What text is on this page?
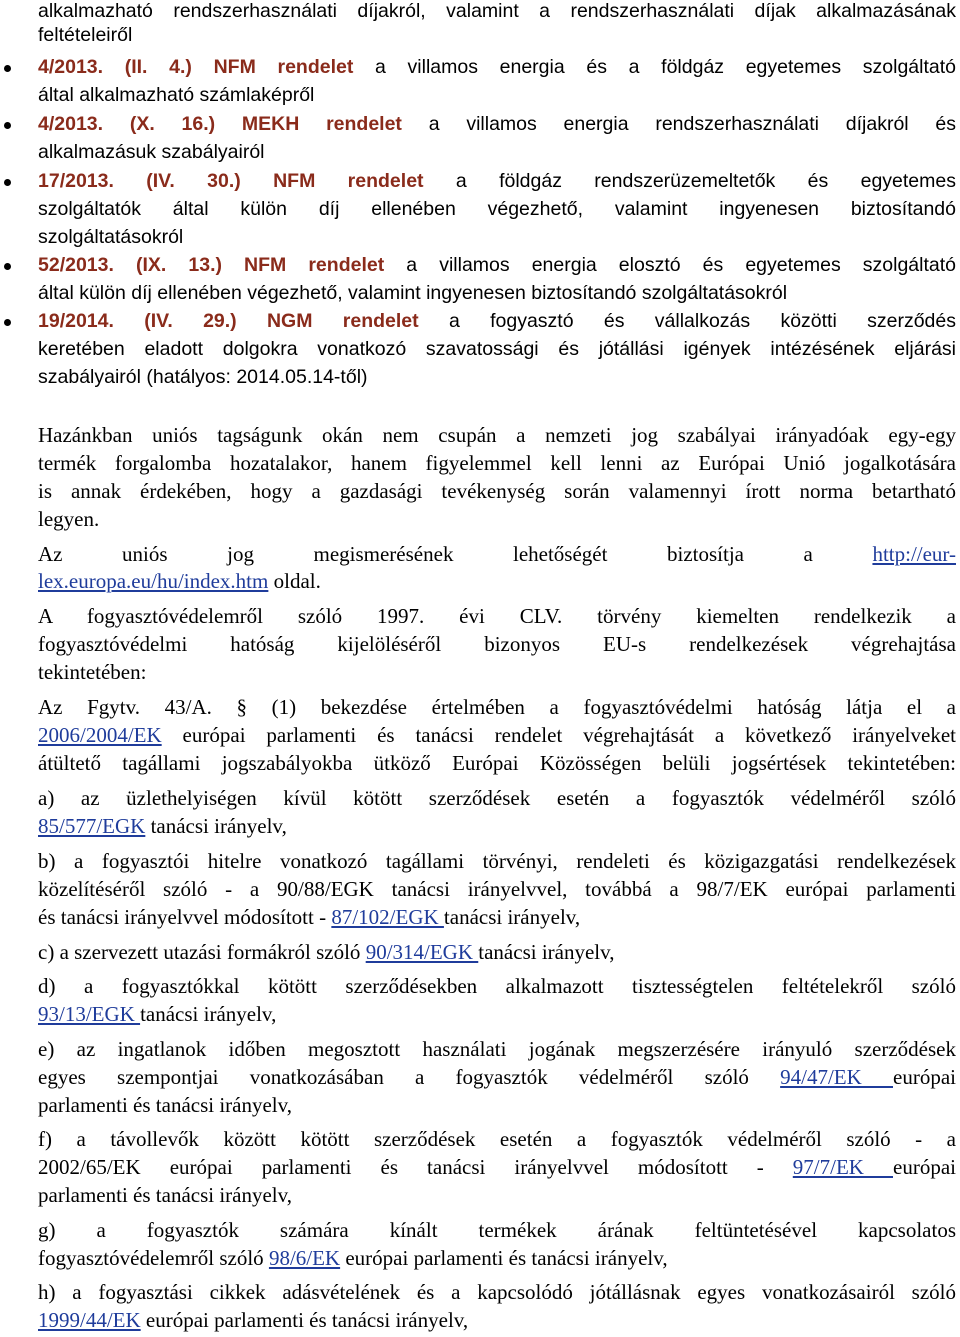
alkalmazható rendszerhasználati díjakról, valamint a rendszerhasználati díjak alkalmazásának
feltételeiről
4/2013. (II. 4.) NFM rendelet a villamos energia és a földgáz egyetemes szolgáltató
által alkalmazható számlaképről
4/2013. (X. 16.) MEKH rendelet a villamos energia rendszerhasználati díjakról és
alkalmazásuk szabályairól
17/2013. (IV. 30.) NFM rendelet a földgáz rendszerüzemeltetők és egyetemes
szolgáltatók által külön díj ellenében végezhető, valamint ingyenesen biztosítandó
szolgáltatásokról
52/2013. (IX. 13.) NFM rendelet a villamos energia elosztó és egyetemes szolgáltató
által külön díj ellenében végezhető, valamint ingyenesen biztosítandó szolgáltatásokról
19/2014. (IV. 29.) NGM rendelet a fogyasztó és vállalkozás közötti szerződés
keretében eladott dolgokra vonatkozó szavatossági és jótállási igények intézésének eljárási
szabályairól (hatályos: 2014.05.14-től)
Hazánkban uniós tagságunk okán nem csupán a nemzeti jog szabályai irányadóak egy-egy
termék forgalomba hozatalakor, hanem figyelemmel kell lenni az Európai Unió jogalkotására
is annak érdekében, hogy a gazdasági tevékenység során valamennyi írott norma betartható
legyen.
Az uniós jog megismerésének lehetőségét biztosítja a http://eur-
lex.europa.eu/hu/index.htm oldal.
A fogyasztóvédelemről szóló 1997. évi CLV. törvény kiemelten rendelkezik a
fogyasztóvédelmi hatóság kijelöléséről bizonyos EU-s rendelkezések végrehajtása
tekintetében:
Az Fgytv. 43/A. § (1) bekezdése értelmében a fogyasztóvédelmi hatóság látja el a
2006/2004/EK európai parlamenti és tanácsi rendelet végrehajtását a következő irányelveket
átültető tagállami jogszabályokba ütköző Európai Közösségen belüli jogsértések tekintetében:
a) az üzlethelyiségen kívül kötött szerződések esetén a fogyasztók védelméről szóló
85/577/EGK tanácsi irányelv,
b) a fogyasztói hitelre vonatkozó tagállami törvényi, rendeleti és közigazgatási rendelkezések
közelítéséről szóló - a 90/88/EGK tanácsi irányelvvel, továbbá a 98/7/EK európai parlamenti
és tanácsi irányelvvel módosított - 87/102/EGK tanácsi irányelv,
c) a szervezett utazási formákról szóló 90/314/EGK tanácsi irányelv,
d) a fogyasztókkal kötött szerződésekben alkalmazott tisztességtelen feltételekről szóló
93/13/EGK tanácsi irányelv,
e) az ingatlanok időben megosztott használati jogának megszerzésére irányuló szerződések
egyes szempontjai vonatkozásában a fogyasztók védelméről szóló 94/47/EK európai
parlamenti és tanácsi irányelv,
f) a távollevők között kötött szerződések esetén a fogyasztók védelméről szóló - a
2002/65/EK európai parlamenti és tanácsi irányelvvel módosított - 97/7/EK európai
parlamenti és tanácsi irányelv,
g) a fogyasztók számára kínált termékek árának feltüntetésével kapcsolatos
fogyasztóvédelemről szóló 98/6/EK európai parlamenti és tanácsi irányelv,
h) a fogyasztási cikkek adásvételének és a kapcsolódó jótállásnak egyes vonatkozásairól szóló
1999/44/EK európai parlamenti és tanácsi irányelv,
